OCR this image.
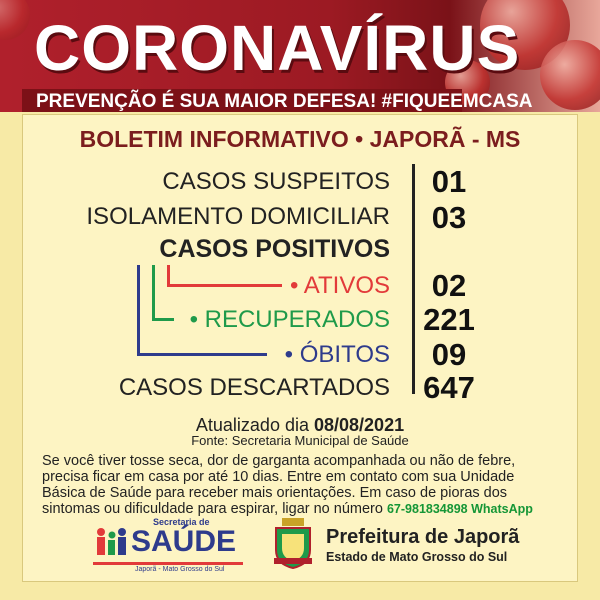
CORONAVÍRUS
PREVENÇÃO É SUA MAIOR DEFESA! #FIQUEEMCASA
BOLETIM INFORMATIVO • JAPORÃ - MS
CASOS SUSPEITOS	01
ISOLAMENTO DOMICILIAR	03
CASOS POSITIVOS
• ATIVOS	02
• RECUPERADOS 221
• ÓBITOS	09
CASOS DESCARTADOS 647
Atualizado dia 08/08/2021
Fonte: Secretaria Municipal de Saúde
Se você tiver tosse seca, dor de garganta acompanhada ou não de febre,
precisa ficar em casa por até 10 dias. Entre em contato com sua Unidade
Básica de Saúde para receber mais orientações. Em caso de pioras dos
sintomas ou dificuldade para espirar, ligar no número 67-981834898 WhatsApp
Secretaria de
SAÚDE
Japorã - Mato Grosso do Sul
Prefeitura de Japorã
Estado de Mato Grosso do Sul
